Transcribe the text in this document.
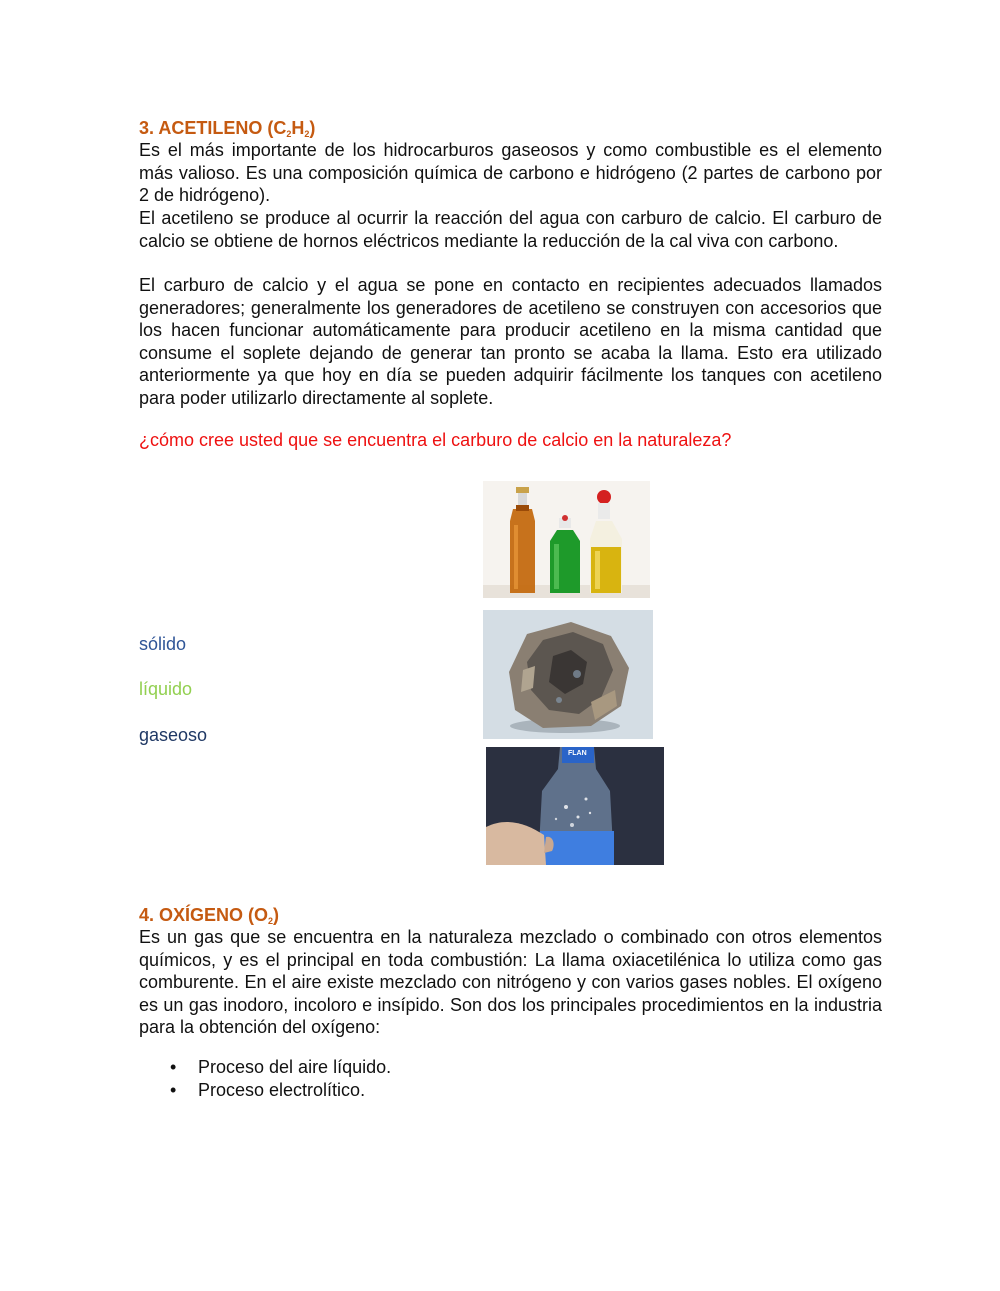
3. ACETILENO $(C_2H_2)$

Es el más importante de los hidrocarburos gaseosos y como combustible es el elemento más valioso. Es una composición química de carbono e hidrógeno (2 partes de carbono por 2 de hidrógeno).

El acetileno se produce al ocurrir la reacción del agua con carburo de calcio. El carburo de calcio se obtiene de hornos eléctricos mediante la reducción de la cal viva con carbono.

El carburo de calcio y el agua se pone en contacto en recipientes adecuados llamados generadores; generalmente los generadores de acetileno se construyen con accesorios que los hacen funcionar automáticamente para producir acetileno en la misma cantidad que consume el soplete dejando de generar tan pronto se acaba la llama. Esto era utilizado anteriormente ya que hoy en día se pueden adquirir fácilmente los tanques con acetileno para poder utilizarlo directamente al soplete.

¿cómo cree usted que se encuentra el carburo de calcio en la naturaleza?
sólido
líquido
gaseoso
FLAN
4. OXÍGENO $(O_2)$

Es un gas que se encuentra en la naturaleza mezclado o combinado con otros elementos químicos, y es el principal en toda combustión: La llama oxiacetilénica lo utiliza como gas comburente. En el aire existe mezclado con nitrógeno y con varios gases nobles. El oxígeno es un gas inodoro, incoloro e insípido. Son dos los principales procedimientos en la industria para la obtención del oxígeno:

• Proceso del aire líquido.
• Proceso electrolítico.
